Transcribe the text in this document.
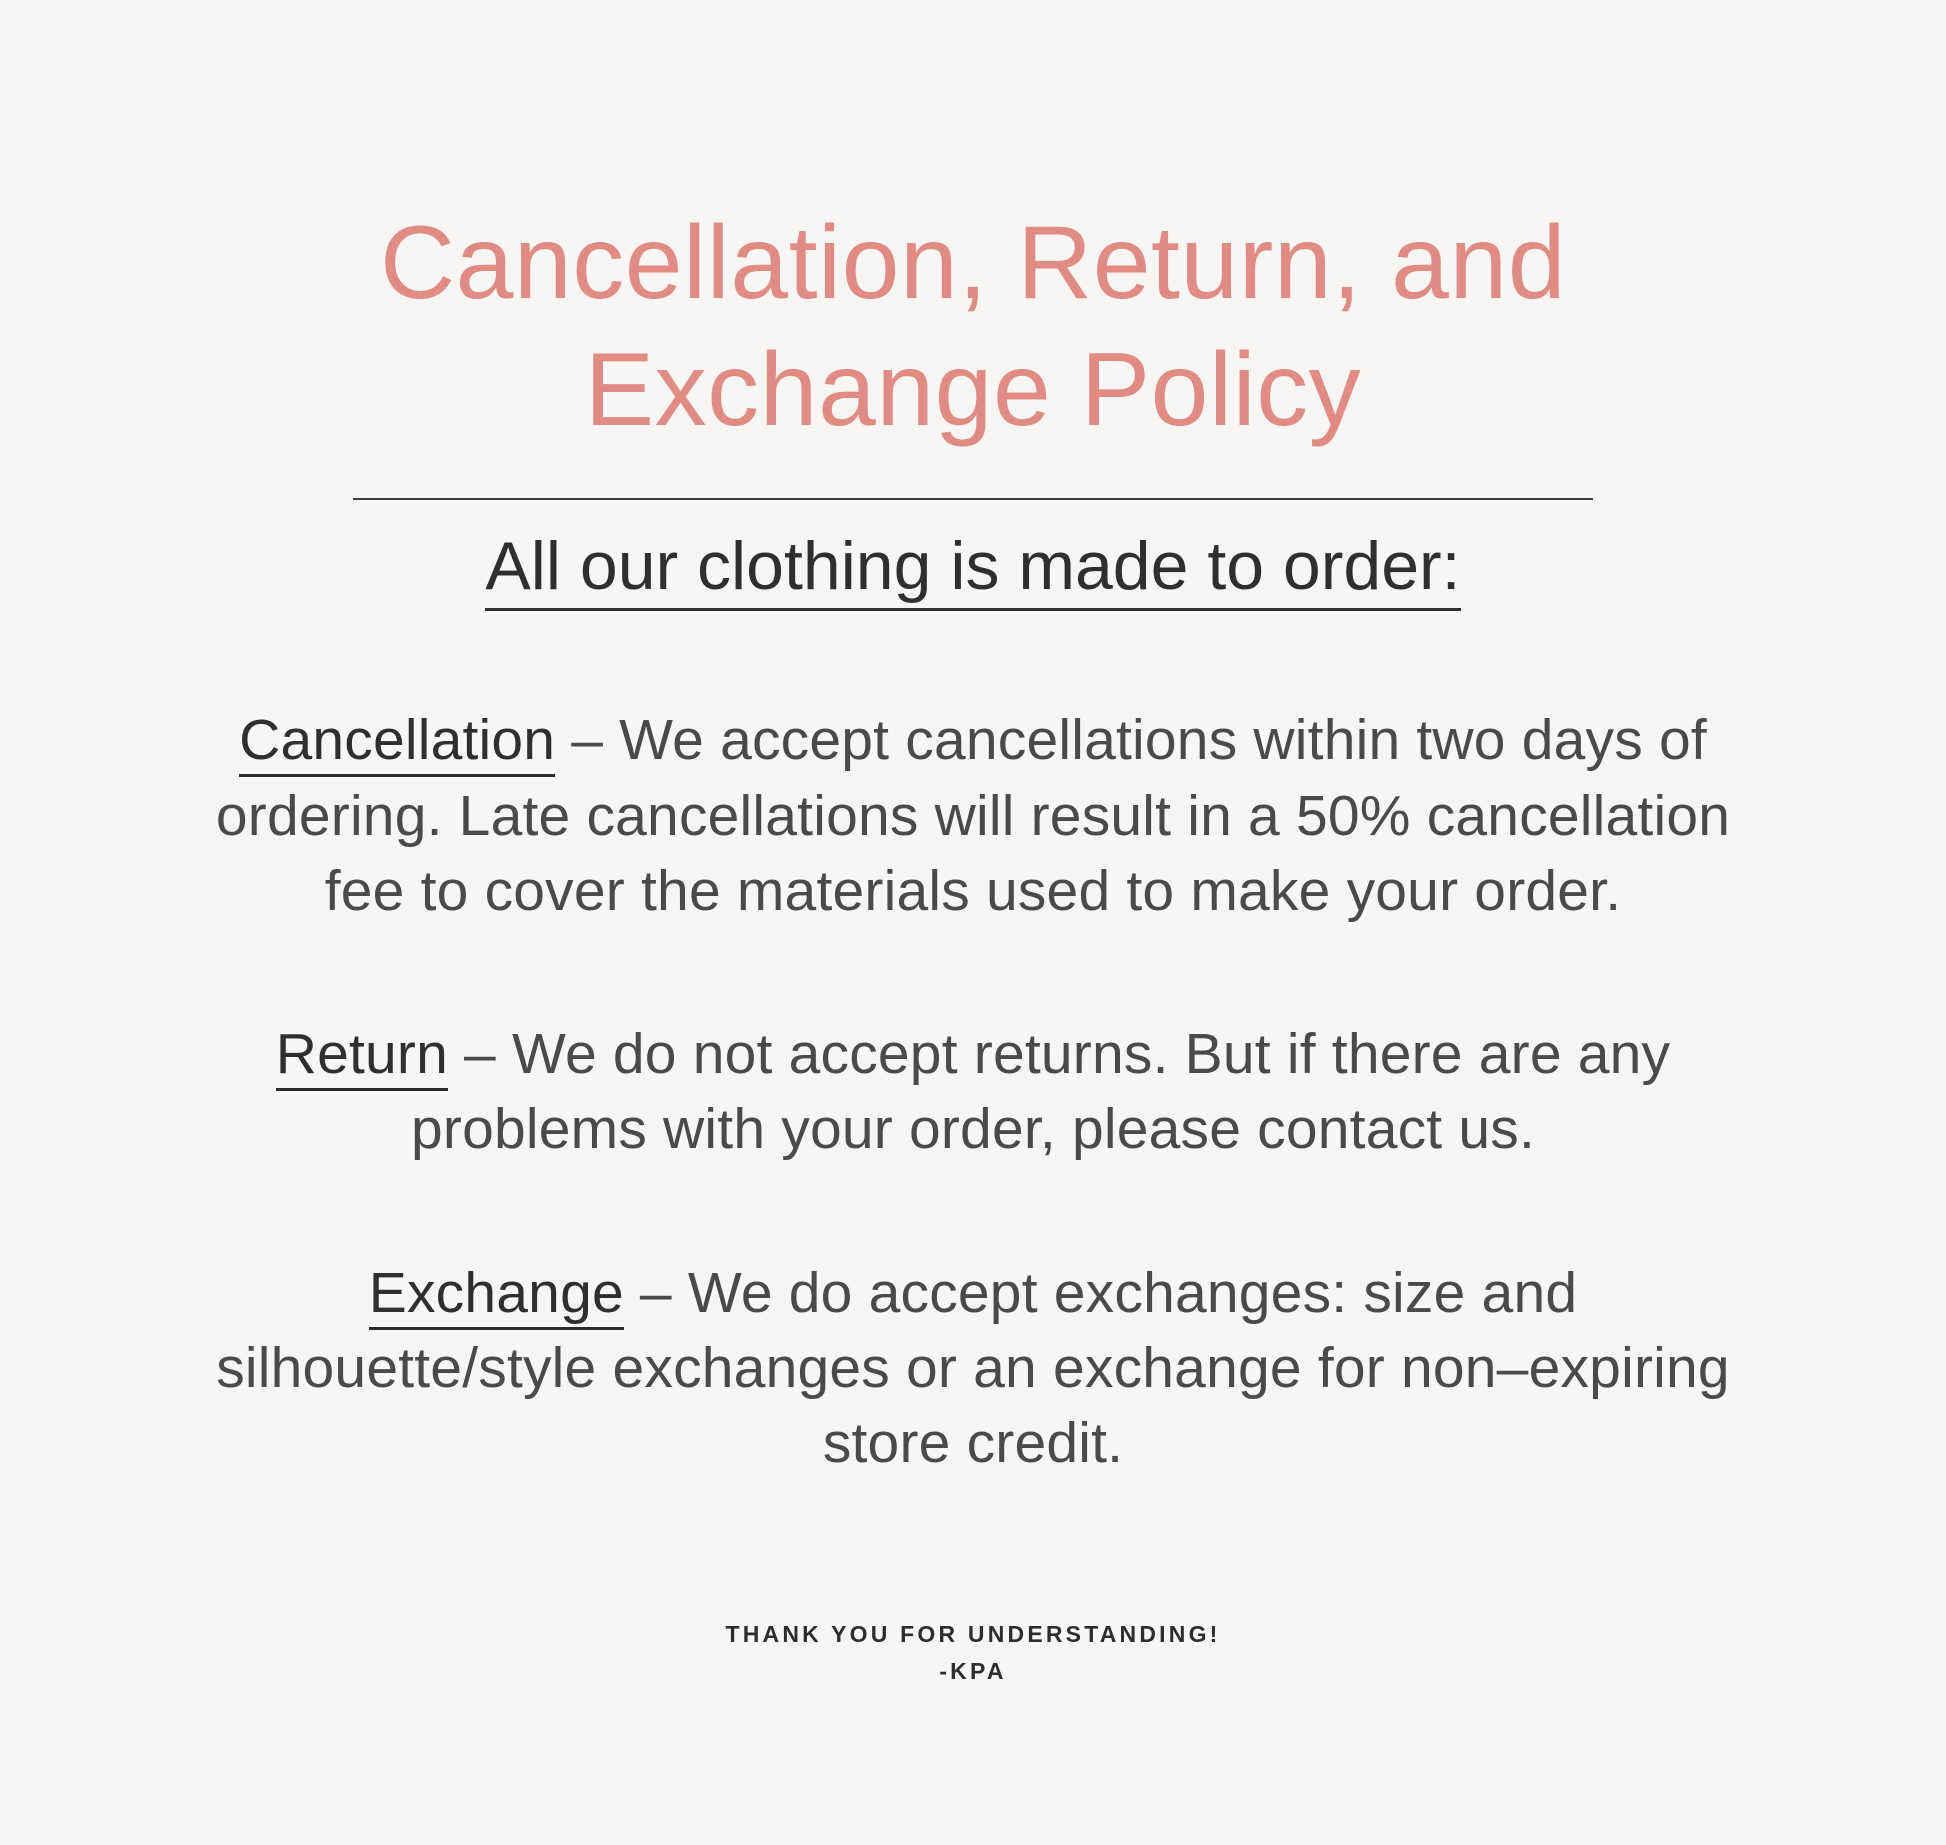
Cancellation, Return, and Exchange Policy

All our clothing is made to order:

Cancellation – We accept cancellations within two days of ordering. Late cancellations will result in a 50% cancellation fee to cover the materials used to make your order.

Return – We do not accept returns. But if there are any problems with your order, please contact us.

Exchange – We do accept exchanges: size and silhouette/style exchanges or an exchange for non–expiring store credit.

THANK YOU FOR UNDERSTANDING!

-KPA
